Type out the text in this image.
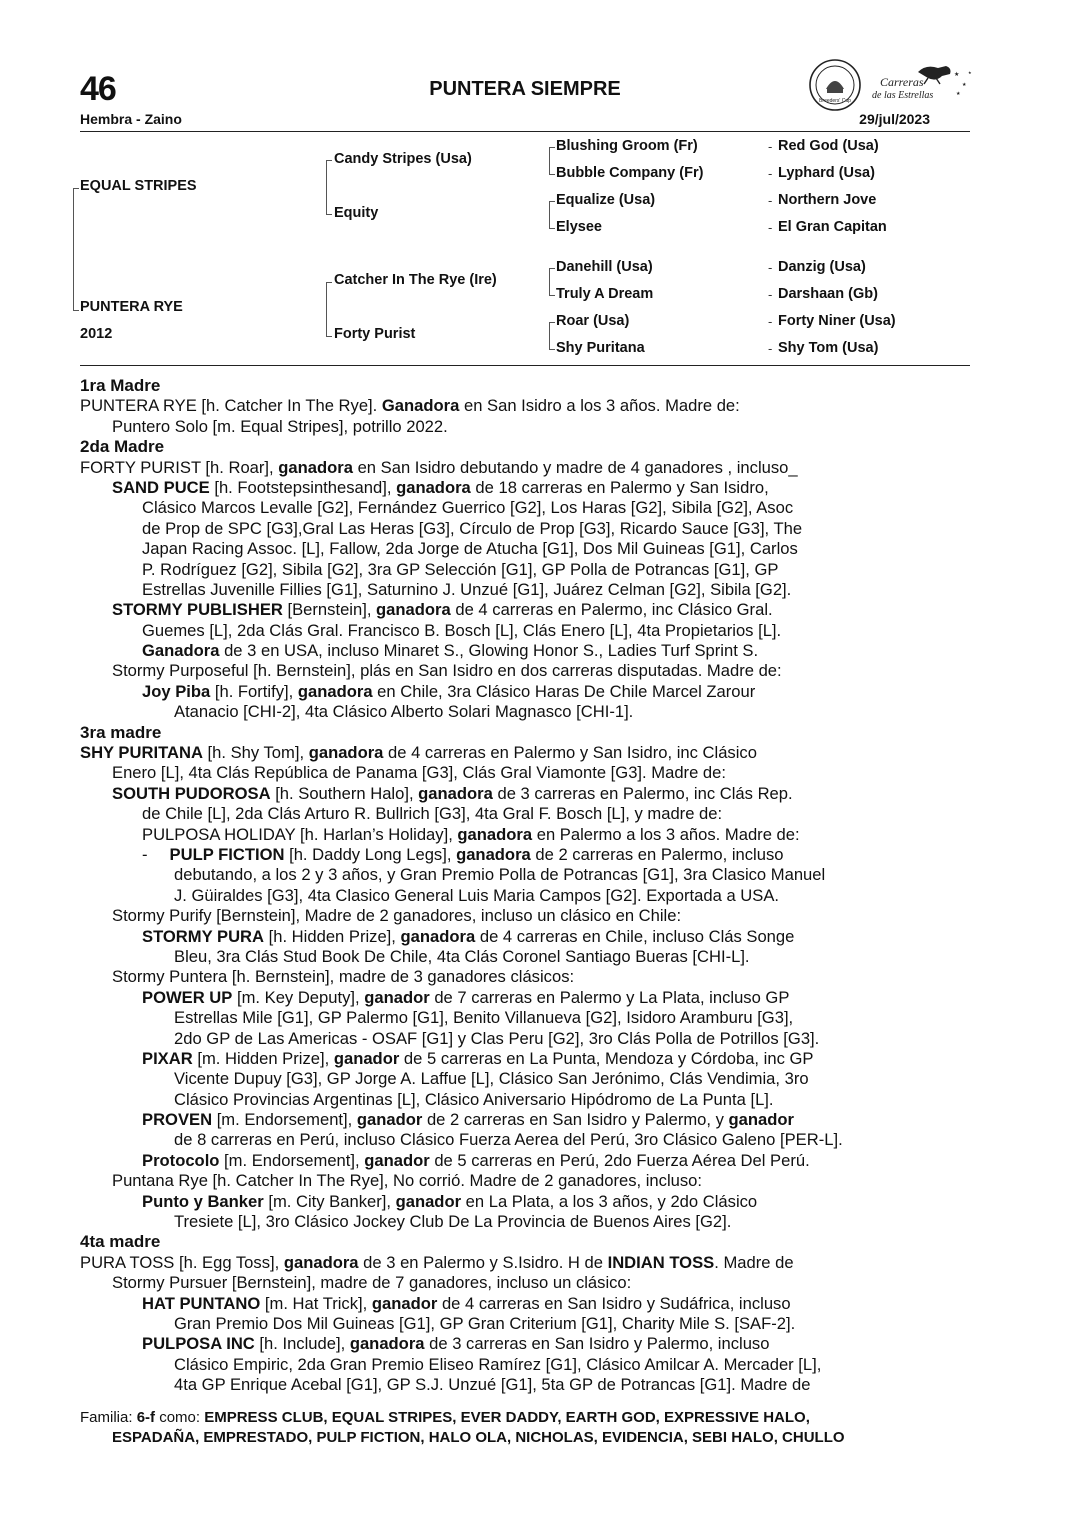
46	PUNTERA SIEMPRE
Breeders' Cup
Carreras
de las Estrellas
★
★
★
★
Hembra - Zaino	29/jul/2023
EQUAL STRIPES
PUNTERA RYE
2012
Candy Stripes (Usa)
Equity
Catcher In The Rye (Ire)
Forty Purist
Blushing Groom (Fr)
Bubble Company (Fr)
Equalize (Usa)
Elysee
Danehill (Usa)
Truly A Dream
Roar (Usa)
Shy Puritana
-
-
-
-
-
-
-
-
Red God (Usa)
Lyphard (Usa)
Northern Jove
El Gran Capitan
Danzig (Usa)
Darshaan (Gb)
Forty Niner (Usa)
Shy Tom (Usa)
1ra Madre
PUNTERA RYE [h. Catcher In The Rye]. Ganadora en San Isidro a los 3 años. Madre de:
Puntero Solo [m. Equal Stripes], potrillo 2022.
2da Madre
FORTY PURIST [h. Roar], ganadora en San Isidro debutando y madre de 4 ganadores , incluso_
SAND PUCE [h. Footstepsinthesand], ganadora de 18 carreras en Palermo y San Isidro,
Clásico Marcos Levalle [G2], Fernández Guerrico [G2], Los Haras [G2], Sibila [G2], Asoc
de Prop de SPC [G3],Gral Las Heras [G3], Círculo de Prop [G3], Ricardo Sauce [G3], The
Japan Racing Assoc. [L], Fallow, 2da Jorge de Atucha [G1], Dos Mil Guineas [G1], Carlos
P. Rodríguez [G2], Sibila [G2], 3ra GP Selección [G1], GP Polla de Potrancas [G1], GP
Estrellas Juvenille Fillies [G1], Saturnino J. Unzué [G1], Juárez Celman [G2], Sibila [G2].
STORMY PUBLISHER [Bernstein], ganadora de 4 carreras en Palermo, inc Clásico Gral.
Guemes [L], 2da Clás Gral. Francisco B. Bosch [L], Clás Enero [L], 4ta Propietarios [L].
Ganadora de 3 en USA, incluso Minaret S., Glowing Honor S., Ladies Turf Sprint S.
Stormy Purposeful [h. Bernstein], plás en San Isidro en dos carreras disputadas. Madre de:
Joy Piba [h. Fortify], ganadora en Chile, 3ra Clásico Haras De Chile Marcel Zarour
Atanacio [CHI-2], 4ta Clásico Alberto Solari Magnasco [CHI-1].
3ra madre
SHY PURITANA [h. Shy Tom], ganadora de 4 carreras en Palermo y San Isidro, inc Clásico
Enero [L], 4ta Clás República de Panama [G3], Clás Gral Viamonte [G3]. Madre de:
SOUTH PUDOROSA [h. Southern Halo], ganadora de 3 carreras en Palermo, inc Clás Rep.
de Chile [L], 2da Clás Arturo R. Bullrich [G3], 4ta Gral F. Bosch [L], y madre de:
PULPOSA HOLIDAY [h. Harlan’s Holiday], ganadora en Palermo a los 3 años. Madre de:
- PULP FICTION [h. Daddy Long Legs], ganadora de 2 carreras en Palermo, incluso
debutando, a los 2 y 3 años, y Gran Premio Polla de Potrancas [G1], 3ra Clasico Manuel
J. Güiraldes [G3], 4ta Clasico General Luis Maria Campos [G2]. Exportada a USA.
Stormy Purify [Bernstein], Madre de 2 ganadores, incluso un clásico en Chile:
STORMY PURA [h. Hidden Prize], ganadora de 4 carreras en Chile, incluso Clás Songe
Bleu, 3ra Clás Stud Book De Chile, 4ta Clás Coronel Santiago Bueras [CHI-L].
Stormy Puntera [h. Bernstein], madre de 3 ganadores clásicos:
POWER UP [m. Key Deputy], ganador de 7 carreras en Palermo y La Plata, incluso GP
Estrellas Mile [G1], GP Palermo [G1], Benito Villanueva [G2], Isidoro Aramburu [G3],
2do GP de Las Americas - OSAF [G1] y Clas Peru [G2], 3ro Clás Polla de Potrillos [G3].
PIXAR [m. Hidden Prize], ganador de 5 carreras en La Punta, Mendoza y Córdoba, inc GP
Vicente Dupuy [G3], GP Jorge A. Laffue [L], Clásico San Jerónimo, Clás Vendimia, 3ro
Clásico Provincias Argentinas [L], Clásico Aniversario Hipódromo de La Punta [L].
PROVEN [m. Endorsement], ganador de 2 carreras en San Isidro y Palermo, y ganador
de 8 carreras en Perú, incluso Clásico Fuerza Aerea del Perú, 3ro Clásico Galeno [PER-L].
Protocolo [m. Endorsement], ganador de 5 carreras en Perú, 2do Fuerza Aérea Del Perú.
Puntana Rye [h. Catcher In The Rye], No corrió. Madre de 2 ganadores, incluso:
Punto y Banker [m. City Banker], ganador en La Plata, a los 3 años, y 2do Clásico
Tresiete [L], 3ro Clásico Jockey Club De La Provincia de Buenos Aires [G2].
4ta madre
PURA TOSS [h. Egg Toss], ganadora de 3 en Palermo y S.Isidro. H de INDIAN TOSS. Madre de
Stormy Pursuer [Bernstein], madre de 7 ganadores, incluso un clásico:
HAT PUNTANO [m. Hat Trick], ganador de 4 carreras en San Isidro y Sudáfrica, incluso
Gran Premio Dos Mil Guineas [G1], GP Gran Criterium [G1], Charity Mile S. [SAF-2].
PULPOSA INC [h. Include], ganadora de 3 carreras en San Isidro y Palermo, incluso
Clásico Empiric, 2da Gran Premio Eliseo Ramírez [G1], Clásico Amilcar A. Mercader [L],
4ta GP Enrique Acebal [G1], GP S.J. Unzué [G1], 5ta GP de Potrancas [G1]. Madre de
Familia: 6-f como: EMPRESS CLUB, EQUAL STRIPES, EVER DADDY, EARTH GOD, EXPRESSIVE HALO,
ESPADAÑA, EMPRESTADO, PULP FICTION, HALO OLA, NICHOLAS, EVIDENCIA, SEBI HALO, CHULLO
